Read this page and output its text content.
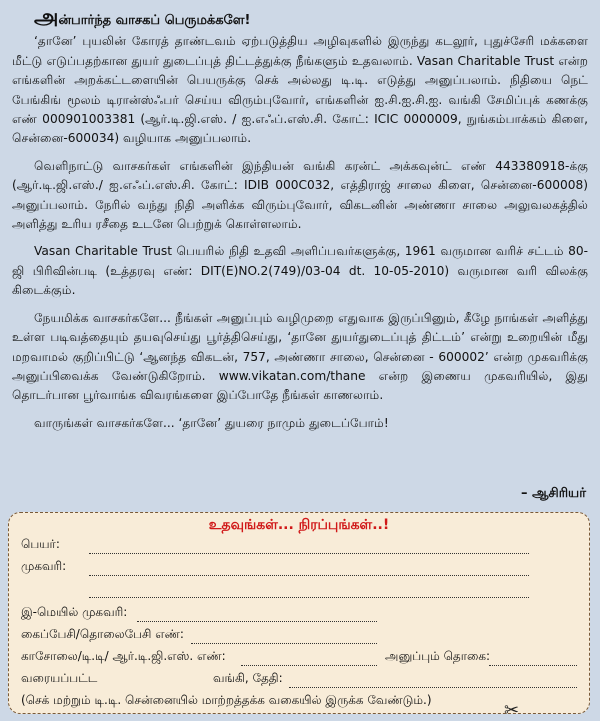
அன்பார்ந்த வாசகப் பெருமக்களே!

‘தானே’ புயலின் கோரத் தாண்டவம் ஏற்படுத்திய அழிவுகளில் இருந்து கடலூர், புதுச்சேரி மக்களை மீட்டு எடுப்பதற்கான துயர் துடைப்புத் திட்டத்துக்கு நீங்களும் உதவலாம். Vasan Charitable Trust என்ற எங்களின் அறக்கட்டளையின் பெயருக்கு செக் அல்லது டி.டி. எடுத்து அனுப்பலாம். நிதியை நெட் பேங்கிங் மூலம் டிரான்ஸ்ஃபர் செய்ய விரும்புவோர், எங்களின் ஐ.சி.ஐ.சி.ஐ. வங்கி சேமிப்புக் கணக்கு எண் 000901003381 (ஆர்.டி.ஜி.எஸ். / ஐ.எஃப்.எஸ்.சி. கோட்: ICIC 0000009, நுங்கம்பாக்கம் கிளை, சென்னை-600034) வழியாக அனுப்பலாம்.

வெளிநாட்டு வாசகர்கள் எங்களின் இந்தியன் வங்கி கரன்ட் அக்கவுன்ட் எண் 443380918-க்கு (ஆர்.டி.ஜி.எஸ்./ ஐ.எஃப்.எஸ்.சி. கோட்: IDIB 000C032, எத்திராஜ் சாலை கிளை, சென்னை-600008) அனுப்பலாம். நேரில் வந்து நிதி அளிக்க விரும்புவோர், விகடனின் அண்ணா சாலை அலுவலகத்தில் அளித்து உரிய ரசீதை உடனே பெற்றுக் கொள்ளலாம்.

Vasan Charitable Trust பெயரில் நிதி உதவி அளிப்பவர்களுக்கு, 1961 வருமான வரிச் சட்டம் 80-ஜி பிரிவின்படி (உத்தரவு எண்: DIT(E)NO.2(749)/03-04 dt. 10-05-2010) வருமான வரி விலக்கு கிடைக்கும்.

நேயமிக்க வாசகர்களே... நீங்கள் அனுப்பும் வழிமுறை எதுவாக இருப்பினும், கீழே நாங்கள் அளித்து உள்ள படிவத்தையும் தயவுசெய்து பூர்த்திசெய்து, ‘தானே துயர்துடைப்புத் திட்டம்’ என்று உறையின் மீது மறவாமல் குறிப்பிட்டு ‘ஆனந்த விகடன், 757, அண்ணா சாலை, சென்னை - 600002’ என்ற முகவரிக்கு அனுப்பிவைக்க வேண்டுகிறோம். www.vikatan.com/thane என்ற இணைய முகவரியில், இது தொடர்பான பூர்வாங்க விவரங்களை இப்போதே நீங்கள் காணலாம்.

வாருங்கள் வாசகர்களே... ‘தானே’ துயரை நாமும் துடைப்போம்!

– ஆசிரியர்
உதவுங்கள்... நிரப்புங்கள்..!
பெயர்:
முகவரி:
இ-மெயில் முகவரி:
கைப்பேசி/தொலைபேசி எண்:
காசோலை/டி.டி/ ஆர்.டி.ஜி.எஸ். எண்:	அனுப்பும் தொகை:
வரையப்பட்ட	வங்கி, தேதி:
(செக் மற்றும் டி.டி. சென்னையில் மாற்றத்தக்க வகையில் இருக்க வேண்டும்.)	✂
